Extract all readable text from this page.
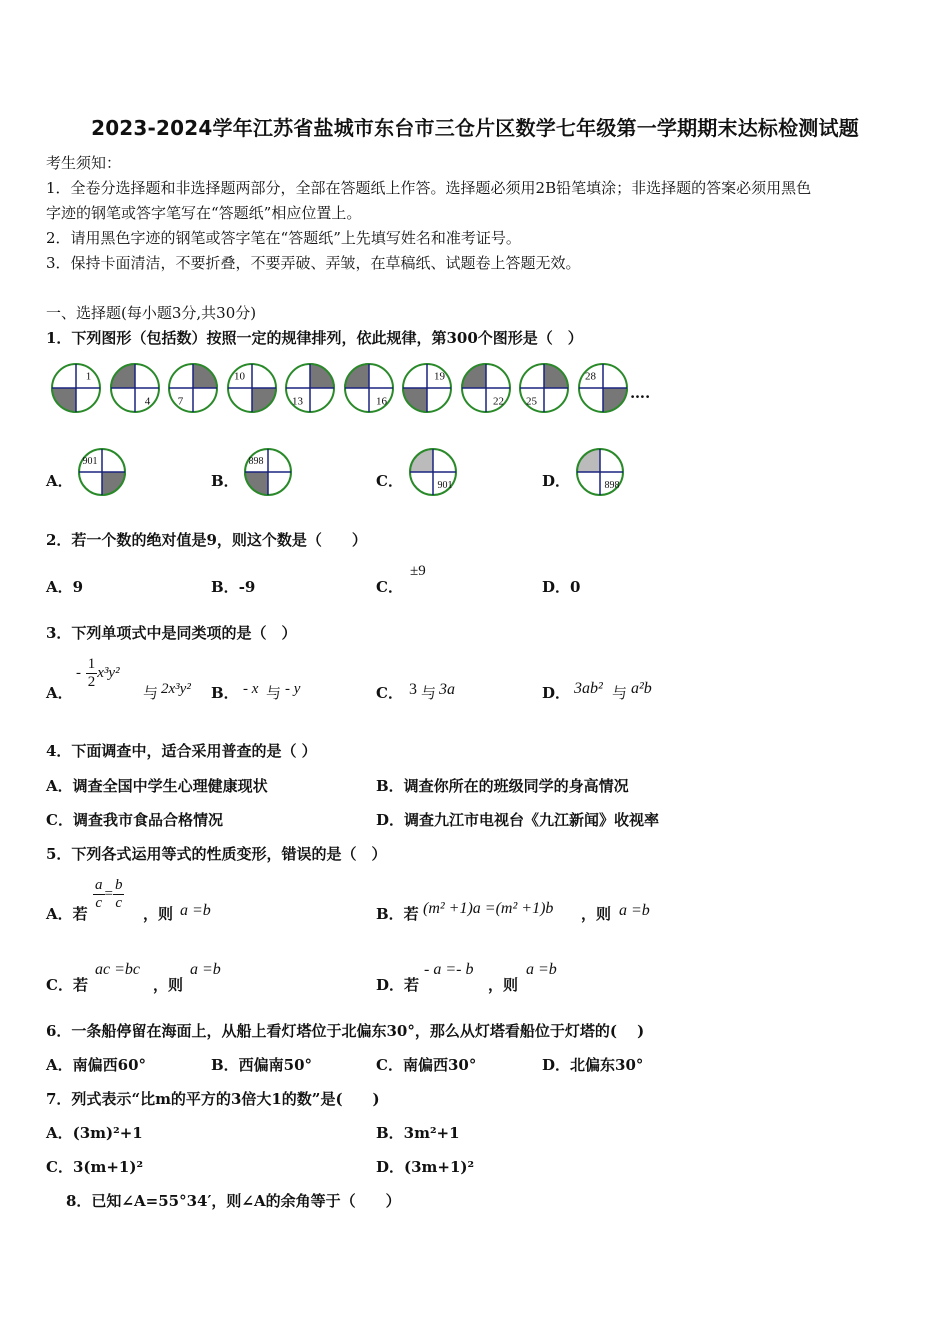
2023-2024学年江苏省盐城市东台市三仓片区数学七年级第一学期期末达标检测试题
考生须知：
1．全卷分选择题和非选择题两部分，全部在答题纸上作答。选择题必须用2B铅笔填涂；非选择题的答案必须用黑色
字迹的钢笔或答字笔写在“答题纸”相应位置上。
2．请用黑色字迹的钢笔或答字笔在“答题纸”上先填写姓名和准考证号。
3．保持卡面清洁，不要折叠，不要弄破、弄皱，在草稿纸、试题卷上答题无效。
一、选择题(每小题3分,共30分)
1．下列图形（包括数）按照一定的规律排列，依此规律，第300个图形是（　）
1
4	7
10
13	16
19
22 25
28
….
A．	B．	C．	D．
901	898
901	898
2．若一个数的绝对值是9，则这个数是（　　）
A．9	B．-9	C．
±9
D．0
3．下列单项式中是同类项的是（　）
A．
- $\frac{1}{2} x^3y^2$
与 2x³y² B． - x 与 - y	C． 3 与 3a	D． 3ab² 与 a²b
4．下面调查中，适合采用普查的是（ ）
A．调查全国中学生心理健康现状	B．调查你所在的班级同学的身高情况
C．调查我市食品合格情况	D．调查九江市电视台《九江新闻》收视率
5．下列各式运用等式的性质变形，错误的是（　）
A．若
$\frac{a}{c} = \frac{b}{c}$
，则 a =b	B．若 (m² +1)a =(m² +1)b ，则 a =b
C．若
ac =bc
，则
a =b
D．若
- a =- b
，则
a =b
6．一条船停留在海面上，从船上看灯塔位于北偏东30°，那么从灯塔看船位于灯塔的(　 )
A．南偏西60°	B．西偏南50°	C．南偏西30°	D．北偏东30°
7．列式表示“比m的平方的3倍大1的数”是(　　)
A．(3m)²+1	B．3m²+1
C．3(m+1)²	D．(3m+1)²
8．已知∠A=55°34′，则∠A的余角等于（　　）
